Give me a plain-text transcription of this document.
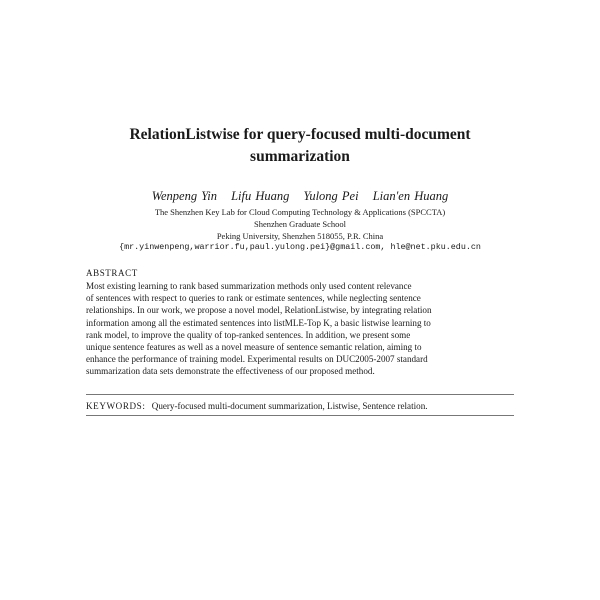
RelationListwise for query-focused multi-document
summarization
Wenpeng Yin Lifu Huang Yulong Pei Lian'en Huang
The Shenzhen Key Lab for Cloud Computing Technology & Applications (SPCCTA)
Shenzhen Graduate School
Peking University, Shenzhen 518055, P.R. China
{mr.yinwenpeng,warrior.fu,paul.yulong.pei}@gmail.com, hle@net.pku.edu.cn
ABSTRACT
Most existing learning to rank based summarization methods only used content relevance
of sentences with respect to queries to rank or estimate sentences, while neglecting sentence
relationships. In our work, we propose a novel model, RelationListwise, by integrating relation
information among all the estimated sentences into listMLE-Top K, a basic listwise learning to
rank model, to improve the quality of top-ranked sentences. In addition, we present some
unique sentence features as well as a novel measure of sentence semantic relation, aiming to
enhance the performance of training model. Experimental results on DUC2005-2007 standard
summarization data sets demonstrate the effectiveness of our proposed method.
KEYWORDS: Query-focused multi-document summarization, Listwise, Sentence relation.
